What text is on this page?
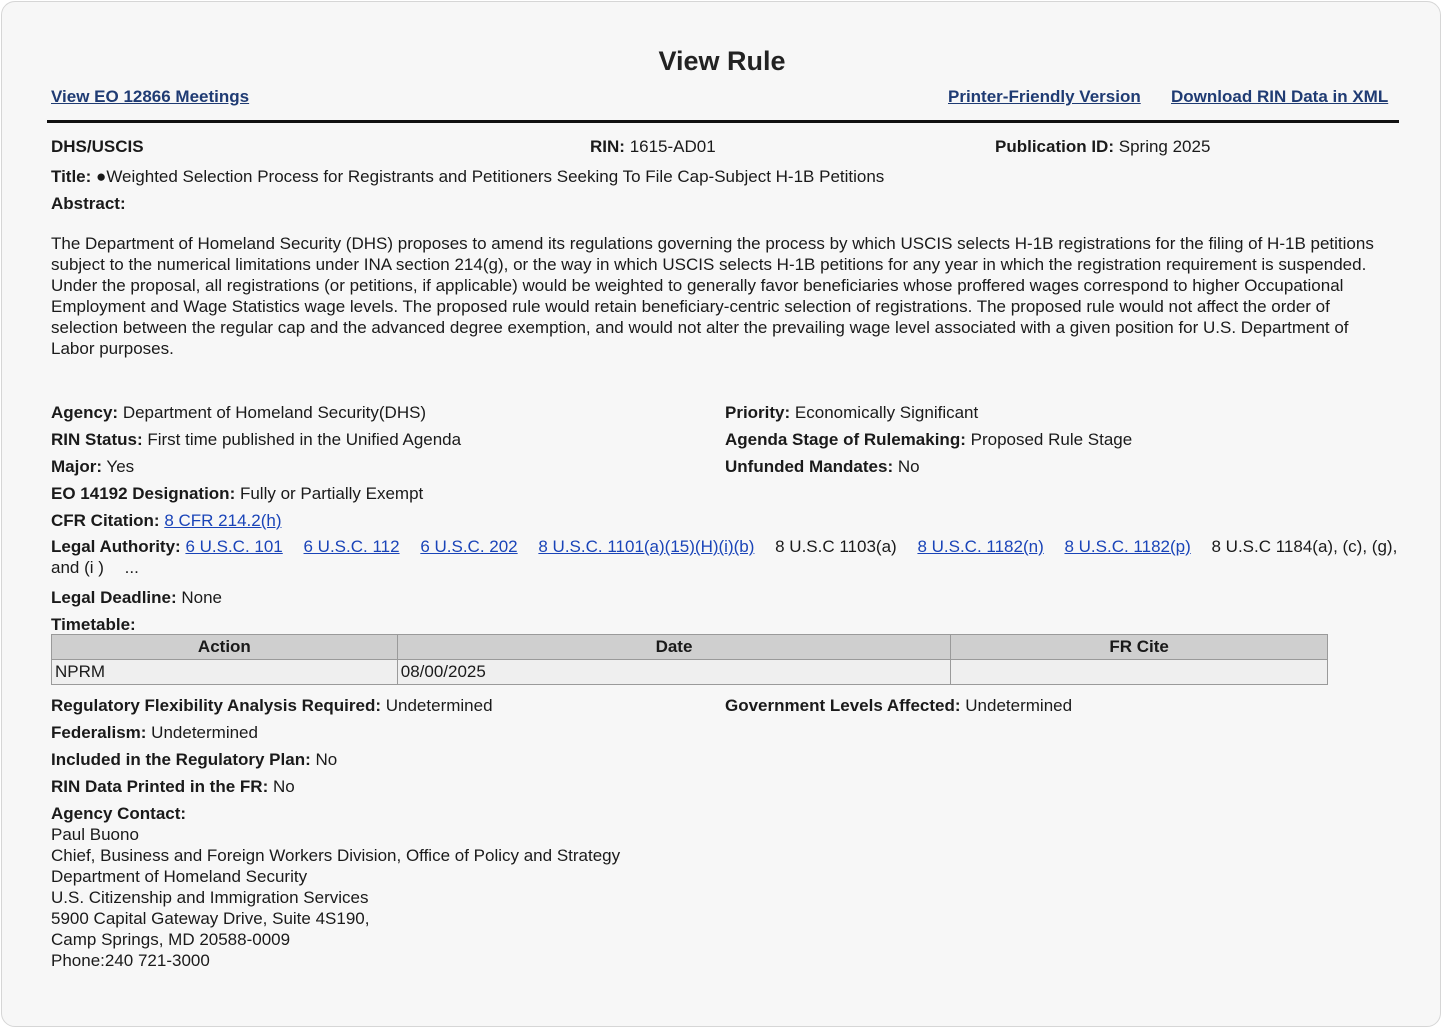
View Rule
View EO 12866 Meetings	Printer-Friendly Version Download RIN Data in XML
DHS/USCIS	RIN: 1615-AD01	Publication ID: Spring 2025
Title: ●Weighted Selection Process for Registrants and Petitioners Seeking To File Cap-Subject H-1B Petitions
Abstract:
The Department of Homeland Security (DHS) proposes to amend its regulations governing the process by which USCIS selects H-1B registrations for the filing of H-1B petitions subject to the numerical limitations under INA section 214(g), or the way in which USCIS selects H-1B petitions for any year in which the registration requirement is suspended. Under the proposal, all registrations (or petitions, if applicable) would be weighted to generally favor beneficiaries whose proffered wages correspond to higher Occupational Employment and Wage Statistics wage levels. The proposed rule would retain beneficiary-centric selection of registrations. The proposed rule would not affect the order of selection between the regular cap and the advanced degree exemption, and would not alter the prevailing wage level associated with a given position for U.S. Department of Labor purposes.
Agency: Department of Homeland Security(DHS)	Priority: Economically Significant
RIN Status: First time published in the Unified Agenda	Agenda Stage of Rulemaking: Proposed Rule Stage
Major: Yes	Unfunded Mandates: No
EO 14192 Designation: Fully or Partially Exempt
CFR Citation: 8 CFR 214.2(h)
Legal Authority: 6 U.S.C. 101 6 U.S.C. 112 6 U.S.C. 202 8 U.S.C. 1101(a)(15)(H)(i)(b) 8 U.S.C 1103(a) 8 U.S.C. 1182(n) 8 U.S.C. 1182(p) 8 U.S.C 1184(a), (c), (g), and (i ) ...
Legal Deadline: None
Timetable:
Action	Date	FR Cite
NPRM	08/00/2025	
Regulatory Flexibility Analysis Required: Undetermined	Government Levels Affected: Undetermined
Federalism: Undetermined
Included in the Regulatory Plan: No
RIN Data Printed in the FR: No
Agency Contact:
Paul Buono
Chief, Business and Foreign Workers Division, Office of Policy and Strategy
Department of Homeland Security
U.S. Citizenship and Immigration Services
5900 Capital Gateway Drive, Suite 4S190,
Camp Springs, MD 20588-0009
Phone:240 721-3000
